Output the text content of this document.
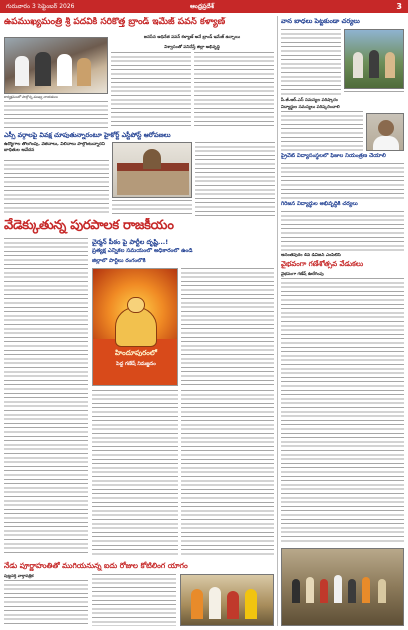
గురువారం 3 సెప్టెంబర్ 2026	ఆంధ్రప్రదేశ్	3
ఉపముఖ్యమంత్రి శ్రీ పదవికి సరికొత్త బ్రాండ్ ఇమేజ్ పవన్ కళ్యాణ్
జనసేన అధినేత పవన్ కళ్యాణ్ అనే బ్రాండ్ ఇమేజ్ ఉన్నాయి
విశ్వాసంతో పనిచేస్తే జిల్లా అభివృద్ధి
కార్యక్రమంలో పాల్గొన్న ముఖ్య నాయకులు
ఎస్సీ వర్గాలపై వివక్ష చూపుతున్నారంటూ హైకోర్ట్ ఎస్టీపోస్ట్ ఆరోపణలు
ఉద్యోగాల తొలగింపు, వేతనాలు, విలీనాలు పాల్గొంటున్నారని బాధితుల ఆవేదన
వేడెక్కుతున్న పురపాలక రాజకీయం
చైర్మన్ పీఠం పై పార్టీల దృష్టి...!
ప్రత్యక్ష ఎన్నికల సమయంలో అధికారంలో ఉండి
జిల్లాలో పార్టీలు రంగంలోకి
హిందూపురంలో
పెద్ద గణేష్ నిమజ్జనం
నేడు పూర్ణాహుతితో ముగియనున్న ఐదు రోజుల కోటిలింగ యాగం
పుట్టపర్తి వార్తాపత్రిక
వాన బాధలు పెట్టకుండా చర్యలు
పీ.జీ.ఆర్.ఎస్ సమస్యల పరిష్కారం
విద్యార్థుల సమస్యలు పరిష్కరించాలి
ప్రైవేట్ విద్యాసంస్థలలో ఫీజుల నియంత్రణ చేయాలి
గిరిజన విద్యార్థుల అభివృద్ధికి చర్యలు
అనంతపురం 4వ డివిజన్ ఎంపీటీసీ
వైభవంగా గణేశోత్సవ వేడుకలు
వైభవంగా గణేష్ ఊరేగింపు
